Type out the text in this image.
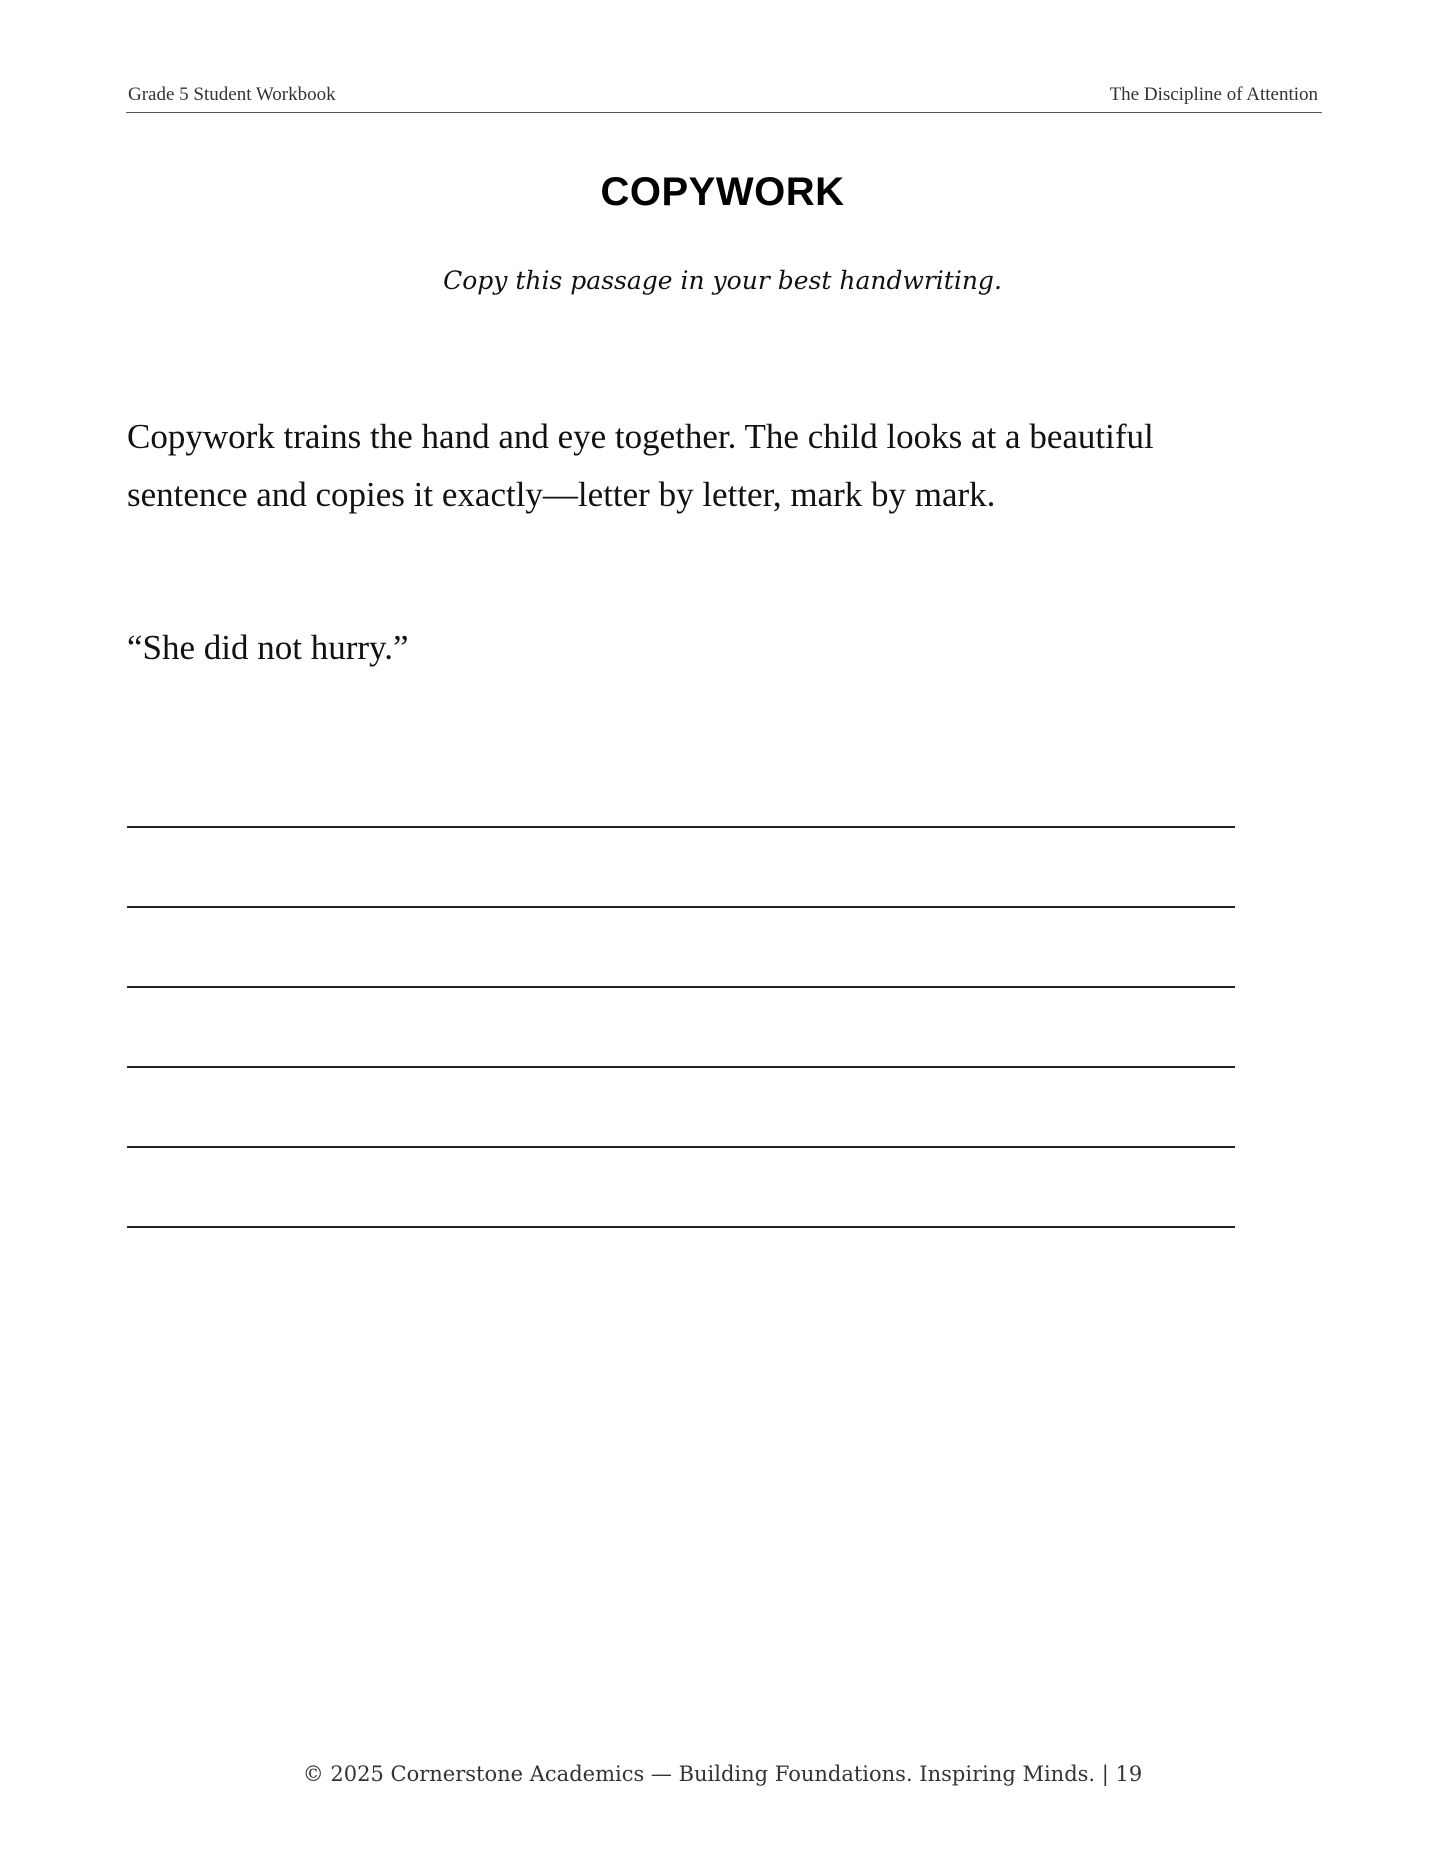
Grade 5 Student Workbook	The Discipline of Attention
COPYWORK
Copy this passage in your best handwriting.

Copywork trains the hand and eye together. The child looks at a beautiful sentence and copies it exactly—letter by letter, mark by mark.

“She did not hurry.”

© 2025 Cornerstone Academics — Building Foundations. Inspiring Minds. | 19
